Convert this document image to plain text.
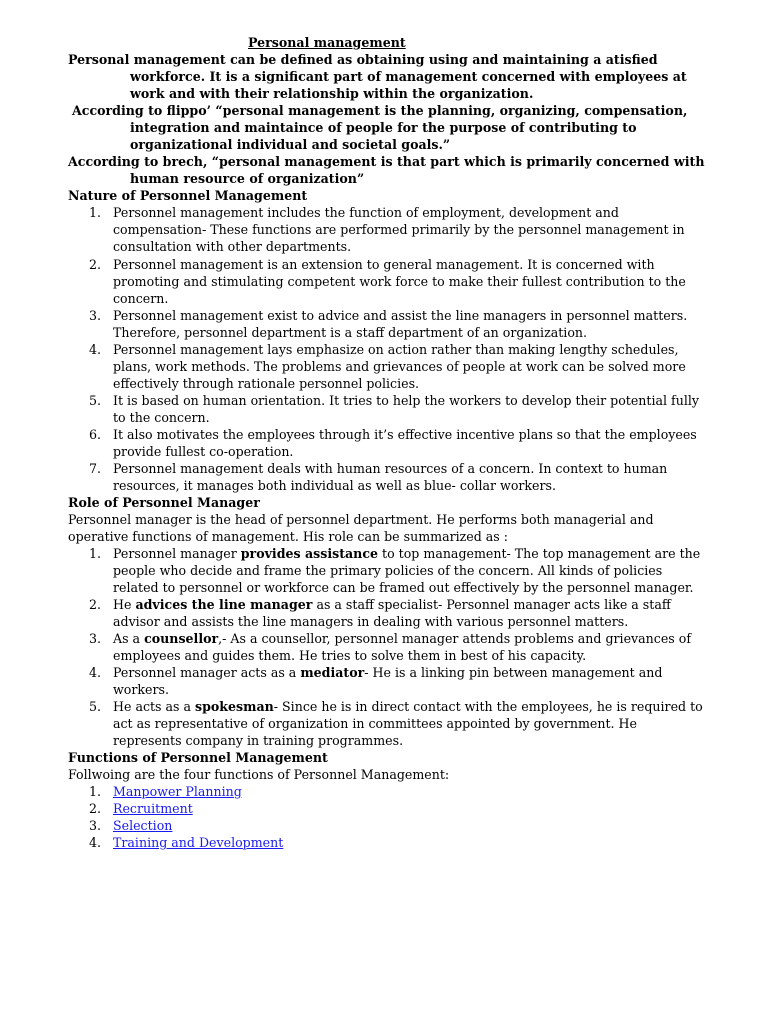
Personal management

Personal management can be defined as obtaining using and maintaining a atisfied workforce. It is a significant part of management concerned with employees at work and with their relationship within the organization.

According to flippo’ “personal management is the planning, organizing, compensation, integration and maintaince of people for the purpose of contributing to organizational individual and societal goals.”

According to brech, “personal management is that part which is primarily concerned with human resource of organization”

Nature of Personnel Management

1. Personnel management includes the function of employment, development and compensation- These functions are performed primarily by the personnel management in consultation with other departments.
2. Personnel management is an extension to general management. It is concerned with promoting and stimulating competent work force to make their fullest contribution to the concern.
3. Personnel management exist to advice and assist the line managers in personnel matters. Therefore, personnel department is a staff department of an organization.
4. Personnel management lays emphasize on action rather than making lengthy schedules, plans, work methods. The problems and grievances of people at work can be solved more effectively through rationale personnel policies.
5. It is based on human orientation. It tries to help the workers to develop their potential fully to the concern.
6. It also motivates the employees through it’s effective incentive plans so that the employees provide fullest co-operation.
7. Personnel management deals with human resources of a concern. In context to human resources, it manages both individual as well as blue- collar workers.

Role of Personnel Manager

Personnel manager is the head of personnel department. He performs both managerial and operative functions of management. His role can be summarized as :

1. Personnel manager provides assistance to top management- The top management are the people who decide and frame the primary policies of the concern. All kinds of policies related to personnel or workforce can be framed out effectively by the personnel manager.
2. He advices the line manager as a staff specialist- Personnel manager acts like a staff advisor and assists the line managers in dealing with various personnel matters.
3. As a counsellor,- As a counsellor, personnel manager attends problems and grievances of employees and guides them. He tries to solve them in best of his capacity.
4. Personnel manager acts as a mediator- He is a linking pin between management and workers.
5. He acts as a spokesman- Since he is in direct contact with the employees, he is required to act as representative of organization in committees appointed by government. He represents company in training programmes.

Functions of Personnel Management

Follwoing are the four functions of Personnel Management:

1. Manpower Planning
2. Recruitment
3. Selection
4. Training and Development
